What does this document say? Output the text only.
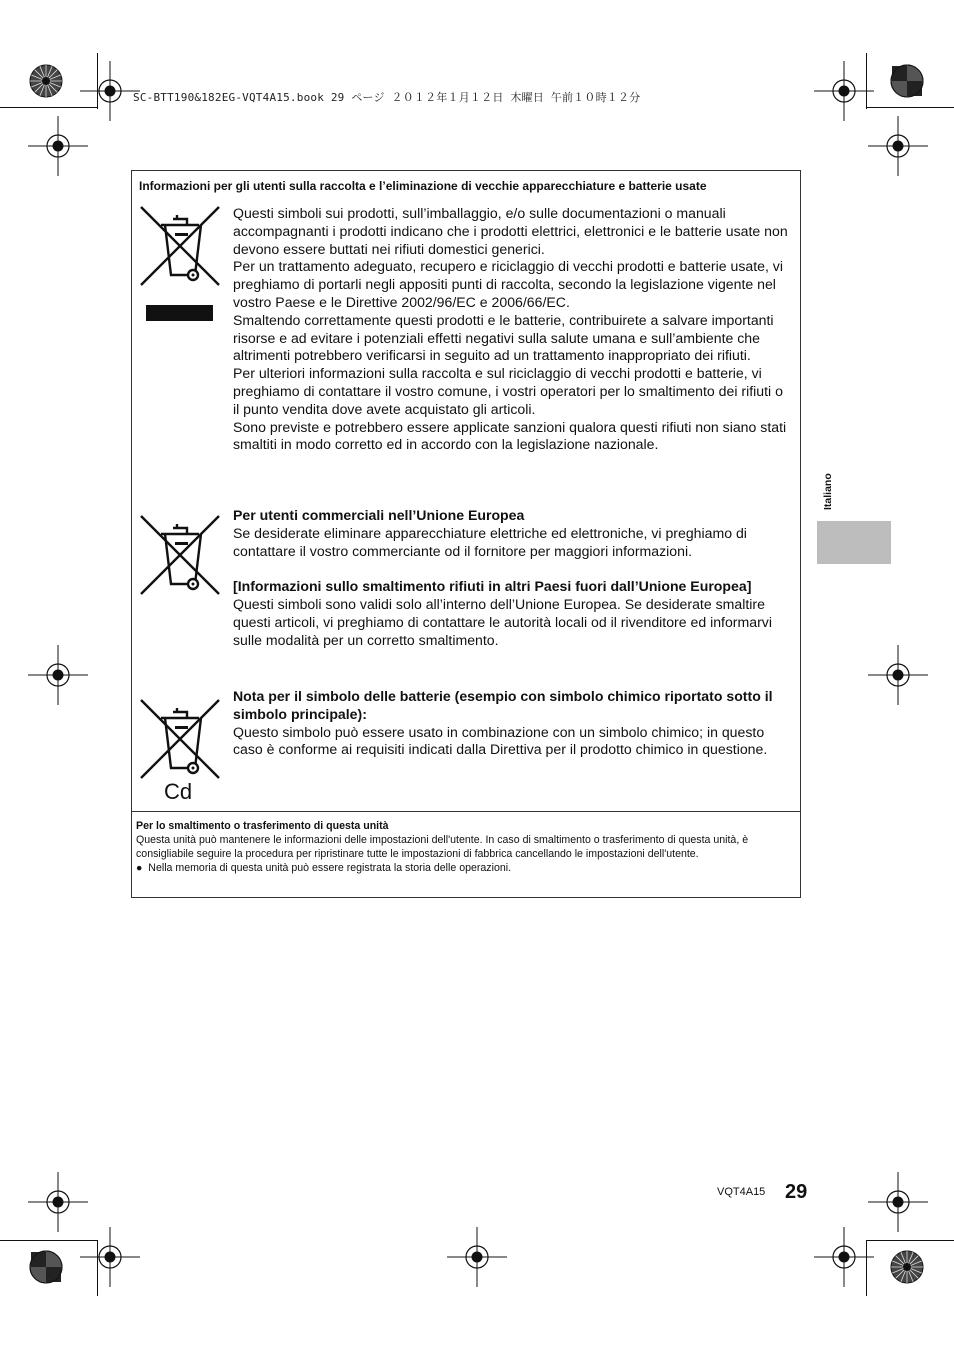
SC-BTT190&182EG-VQT4A15.book 29 ページ ２０１２年１月１２日 木曜日 午前１０時１２分
Informazioni per gli utenti sulla raccolta e l’eliminazione di vecchie apparecchiature e batterie usate
Cd

Questi simboli sui prodotti, sull’imballaggio, e/o sulle documentazioni o manuali accompagnanti i prodotti indicano che i prodotti elettrici, elettronici e le batterie usate non devono essere buttati nei rifiuti domestici generici.

Per un trattamento adeguato, recupero e riciclaggio di vecchi prodotti e batterie usate, vi preghiamo di portarli negli appositi punti di raccolta, secondo la legislazione vigente nel vostro Paese e le Direttive 2002/96/EC e 2006/66/EC.

Smaltendo correttamente questi prodotti e le batterie, contribuirete a salvare importanti risorse e ad evitare i potenziali effetti negativi sulla salute umana e sull’ambiente che altrimenti potrebbero verificarsi in seguito ad un trattamento inappropriato dei rifiuti.

Per ulteriori informazioni sulla raccolta e sul riciclaggio di vecchi prodotti e batterie, vi preghiamo di contattare il vostro comune, i vostri operatori per lo smaltimento dei rifiuti o il punto vendita dove avete acquistato gli articoli.

Sono previste e potrebbero essere applicate sanzioni qualora questi rifiuti non siano stati smaltiti in modo corretto ed in accordo con la legislazione nazionale.

Per utenti commerciali nell’Unione Europea

Se desiderate eliminare apparecchiature elettriche ed elettroniche, vi preghiamo di contattare il vostro commerciante od il fornitore per maggiori informazioni.

[Informazioni sullo smaltimento rifiuti in altri Paesi fuori dall’Unione Europea]

Questi simboli sono validi solo all’interno dell’Unione Europea. Se desiderate smaltire questi articoli, vi preghiamo di contattare le autorità locali od il rivenditore ed informarvi sulle modalità per un corretto smaltimento.

Nota per il simbolo delle batterie (esempio con simbolo chimico riportato sotto il simbolo principale):

Questo simbolo può essere usato in combinazione con un simbolo chimico; in questo caso è conforme ai requisiti indicati dalla Direttiva per il prodotto chimico in questione.

Per lo smaltimento o trasferimento di questa unità

Questa unità può mantenere le informazioni delle impostazioni dell'utente. In caso di smaltimento o trasferimento di questa unità, è consigliabile seguire la procedura per ripristinare tutte le impostazioni di fabbrica cancellando le impostazioni dell'utente.

● Nella memoria di questa unità può essere registrata la storia delle operazioni.

Italiano
VQT4A15 29
